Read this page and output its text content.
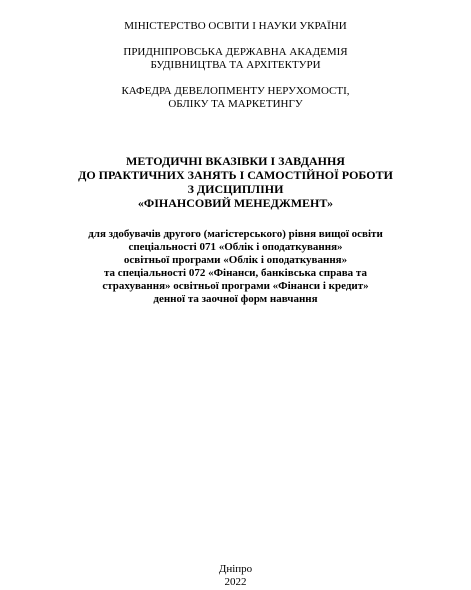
МІНІСТЕРСТВО ОСВІТИ І НАУКИ УКРАЇНИ
ПРИДНІПРОВСЬКА ДЕРЖАВНА АКАДЕМІЯ
БУДІВНИЦТВА ТА АРХІТЕКТУРИ
КАФЕДРА ДЕВЕЛОПМЕНТУ НЕРУХОМОСТІ,
ОБЛІКУ ТА МАРКЕТИНГУ
МЕТОДИЧНІ ВКАЗІВКИ І ЗАВДАННЯ
ДО ПРАКТИЧНИХ ЗАНЯТЬ І САМОСТІЙНОЇ РОБОТИ
З ДИСЦИПЛІНИ
«ФІНАНСОВИЙ МЕНЕДЖМЕНТ»
для здобувачів другого (магістерського) рівня вищої освіти
спеціальності 071 «Облік і оподаткування»
освітньої програми «Облік і оподаткування»
та спеціальності 072 «Фінанси, банківська справа та
страхування» освітньої програми «Фінанси і кредит»
денної та заочної форм навчання
Дніпро
2022
